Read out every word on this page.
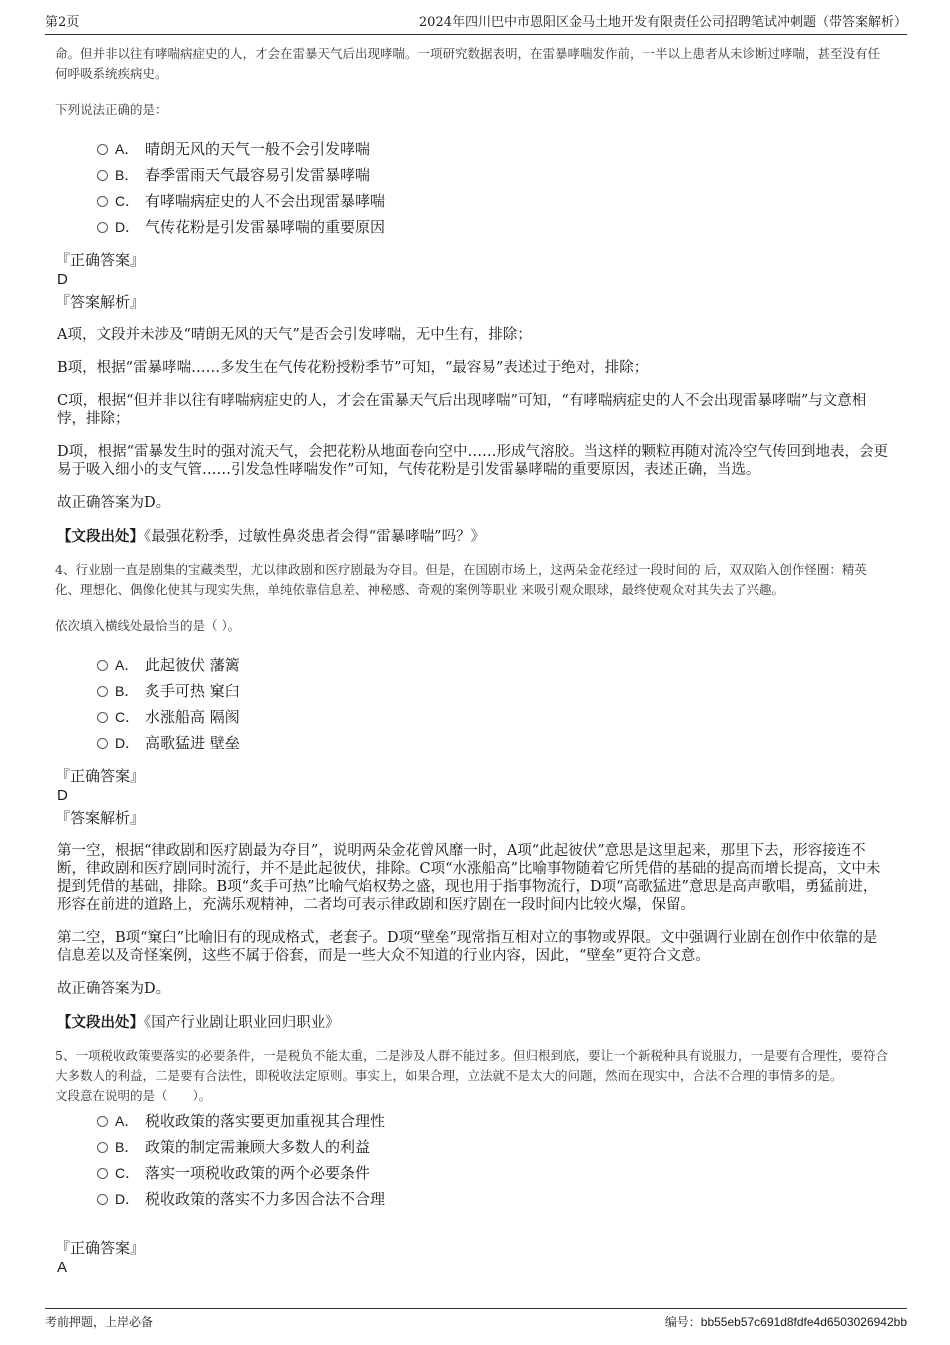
第2页	2024年四川巴中市恩阳区金马土地开发有限责任公司招聘笔试冲刺题（带答案解析）

命。但并非以往有哮喘病症史的人，才会在雷暴天气后出现哮喘。一项研究数据表明，在雷暴哮喘发作前，一半以上患者从未诊断过哮喘，甚至没有任何呼吸系统疾病史。

下列说法正确的是：

A． 晴朗无风的天气一般不会引发哮喘
B． 春季雷雨天气最容易引发雷暴哮喘
C． 有哮喘病症史的人不会出现雷暴哮喘
D． 气传花粉是引发雷暴哮喘的重要原因

『正确答案』

D

『答案解析』

A项，文段并未涉及“晴朗无风的天气”是否会引发哮喘，无中生有，排除；

B项，根据“雷暴哮喘……多发生在气传花粉授粉季节”可知，“最容易”表述过于绝对，排除；

C项，根据“但并非以往有哮喘病症史的人，才会在雷暴天气后出现哮喘”可知，“有哮喘病症史的人不会出现雷暴哮喘”与文意相悖，排除；

D项，根据“雷暴发生时的强对流天气，会把花粉从地面卷向空中……形成气溶胶。当这样的颗粒再随对流冷空气传回到地表，会更易于吸入细小的支气管……引发急性哮喘发作”可知，气传花粉是引发雷暴哮喘的重要原因，表述正确，当选。

故正确答案为D。

【文段出处】《最强花粉季，过敏性鼻炎患者会得“雷暴哮喘”吗？》

4、行业剧一直是剧集的宝藏类型，尤以律政剧和医疗剧最为夺目。但是，在国剧市场上，这两朵金花经过一段时间的 后，双双陷入创作怪圈：精英化、理想化、偶像化使其与现实失焦，单纯依靠信息差、神秘感、奇观的案例等职业 来吸引观众眼球，最终使观众对其失去了兴趣。

依次填入横线处最恰当的是（ ）。

A． 此起彼伏 藩篱
B． 炙手可热 窠臼
C． 水涨船高 隔阂
D． 高歌猛进 壁垒

『正确答案』

D

『答案解析』

第一空，根据“律政剧和医疗剧最为夺目”，说明两朵金花曾风靡一时，A项“此起彼伏”意思是这里起来，那里下去，形容接连不断，律政剧和医疗剧同时流行，并不是此起彼伏，排除。C项“水涨船高”比喻事物随着它所凭借的基础的提高而增长提高，文中未提到凭借的基础，排除。B项“炙手可热”比喻气焰权势之盛，现也用于指事物流行，D项“高歌猛进”意思是高声歌唱，勇猛前进，形容在前进的道路上，充满乐观精神，二者均可表示律政剧和医疗剧在一段时间内比较火爆，保留。

第二空，B项“窠臼”比喻旧有的现成格式，老套子。D项“壁垒”现常指互相对立的事物或界限。文中强调行业剧在创作中依靠的是信息差以及奇怪案例，这些不属于俗套，而是一些大众不知道的行业内容，因此，“壁垒”更符合文意。

故正确答案为D。

【文段出处】《国产行业剧让职业回归职业》

5、一项税收政策要落实的必要条件，一是税负不能太重，二是涉及人群不能过多。但归根到底，要让一个新税种具有说服力，一是要有合理性，要符合大多数人的利益，二是要有合法性，即税收法定原则。事实上，如果合理，立法就不是太大的问题，然而在现实中，合法不合理的事情多的是。

文段意在说明的是（　　）。

A． 税收政策的落实要更加重视其合理性
B． 政策的制定需兼顾大多数人的利益
C． 落实一项税收政策的两个必要条件
D． 税收政策的落实不力多因合法不合理

『正确答案』

A

考前押题，上岸必备	编号：bb55eb57c691d8fdfe4d6503026942bb
